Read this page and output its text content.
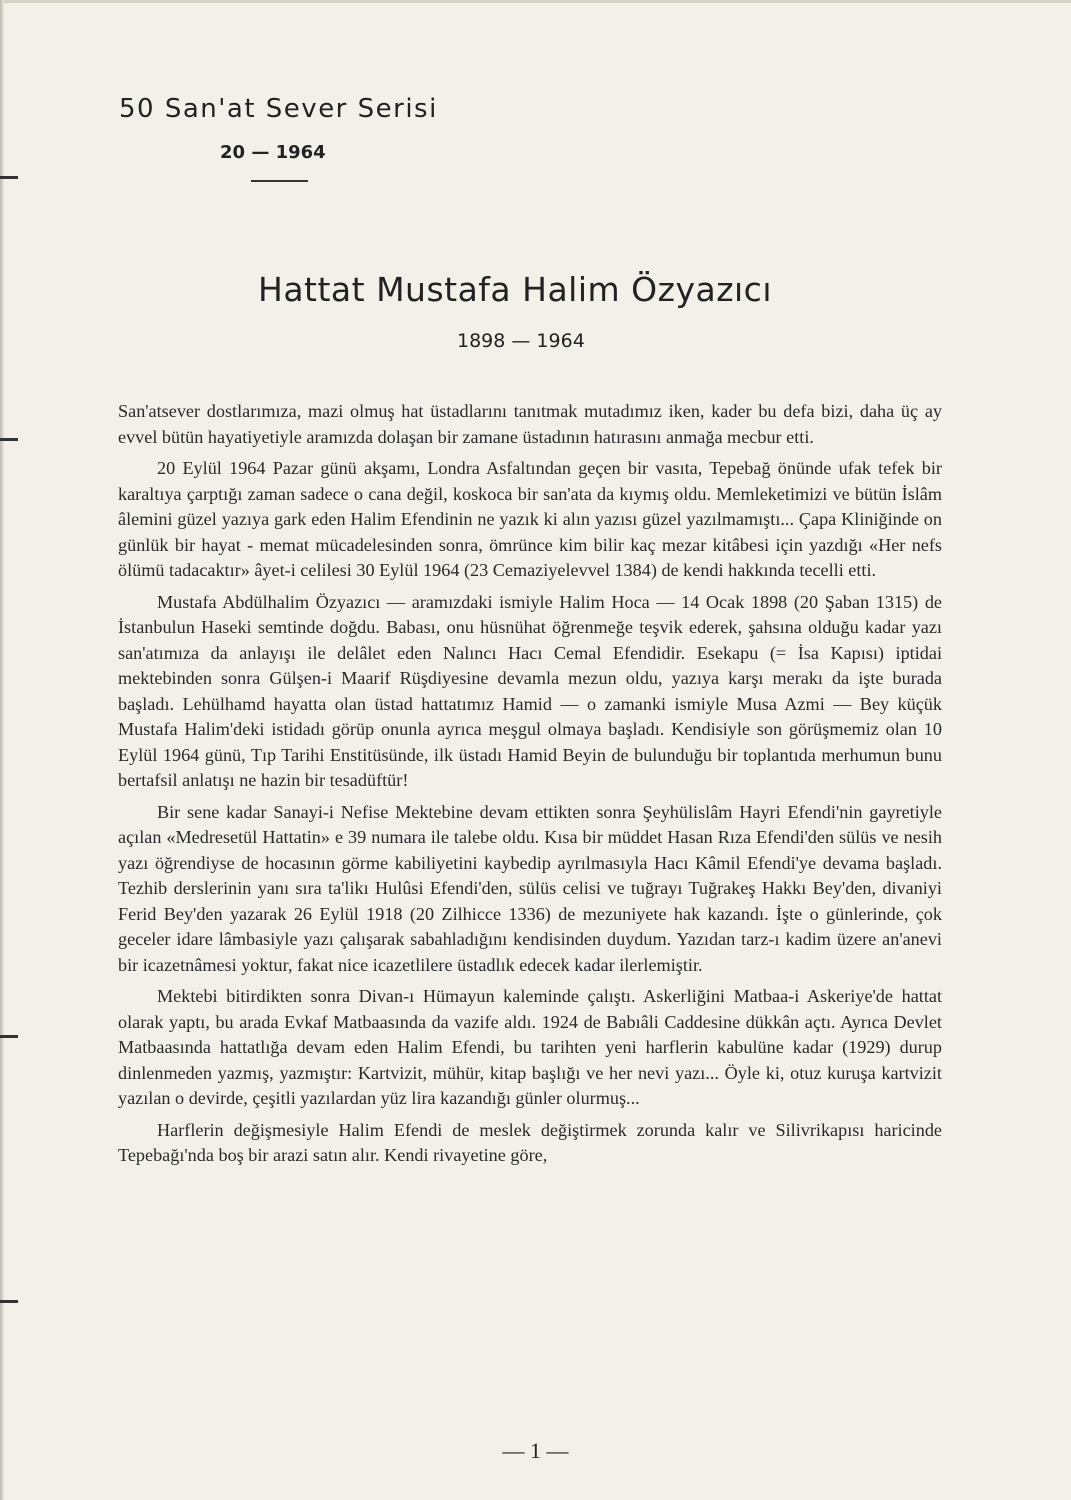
50 San'at Sever Serisi
20 — 1964
Hattat Mustafa Halim Özyazıcı
1898 — 1964

San'atsever dostlarımıza, mazi olmuş hat üstadlarını tanıtmak mutadımız iken, kader bu defa bizi, daha üç ay evvel bütün hayatiyetiyle aramızda dolaşan bir zamane üstadının hatırasını anmağa mecbur etti.

20 Eylül 1964 Pazar günü akşamı, Londra Asfaltından geçen bir vasıta, Tepebağ önünde ufak tefek bir karaltıya çarptığı zaman sadece o cana değil, koskoca bir san'ata da kıymış oldu. Memleketimizi ve bütün İslâm âlemini güzel yazıya gark eden Halim Efendinin ne yazık ki alın yazısı güzel yazılmamıştı... Çapa Kliniğinde on günlük bir hayat - memat mücadelesinden sonra, ömrünce kim bilir kaç mezar kitâbesi için yazdığı «Her nefs ölümü tadacaktır» âyet-i celilesi 30 Eylül 1964 (23 Cemaziyelevvel 1384) de kendi hakkında tecelli etti.

Mustafa Abdülhalim Özyazıcı — aramızdaki ismiyle Halim Hoca — 14 Ocak 1898 (20 Şaban 1315) de İstanbulun Haseki semtinde doğdu. Babası, onu hüsnühat öğrenmeğe teşvik ederek, şahsına olduğu kadar yazı san'atımıza da anlayışı ile delâlet eden Nalıncı Hacı Cemal Efendidir. Esekapu (= İsa Kapısı) iptidai mektebinden sonra Gülşen-i Maarif Rüşdiyesine devamla mezun oldu, yazıya karşı merakı da işte burada başladı. Lehülhamd hayatta olan üstad hattatımız Hamid — o zamanki ismiyle Musa Azmi — Bey küçük Mustafa Halim'deki istidadı görüp onunla ayrıca meşgul olmaya başladı. Kendisiyle son görüşmemiz olan 10 Eylül 1964 günü, Tıp Tarihi Enstitüsünde, ilk üstadı Hamid Beyin de bulunduğu bir toplantıda merhumun bunu bertafsil anlatışı ne hazin bir tesadüftür!

Bir sene kadar Sanayi-i Nefise Mektebine devam ettikten sonra Şeyhülislâm Hayri Efendi'nin gayretiyle açılan «Medresetül Hattatin» e 39 numara ile talebe oldu. Kısa bir müddet Hasan Rıza Efendi'den sülüs ve nesih yazı öğrendiyse de hocasının görme kabiliyetini kaybedip ayrılmasıyla Hacı Kâmil Efendi'ye devama başladı. Tezhib derslerinin yanı sıra ta'likı Hulûsi Efendi'den, sülüs celisi ve tuğrayı Tuğrakeş Hakkı Bey'den, divaniyi Ferid Bey'den yazarak 26 Eylül 1918 (20 Zilhicce 1336) de mezuniyete hak kazandı. İşte o günlerinde, çok geceler idare lâmbasiyle yazı çalışarak sabahladığını kendisinden duydum. Yazıdan tarz-ı kadim üzere an'anevi bir icazetnâmesi yoktur, fakat nice icazetlilere üstadlık edecek kadar ilerlemiştir.

Mektebi bitirdikten sonra Divan-ı Hümayun kaleminde çalıştı. Askerliğini Matbaa-i Askeriye'de hattat olarak yaptı, bu arada Evkaf Matbaasında da vazife aldı. 1924 de Babıâli Caddesine dükkân açtı. Ayrıca Devlet Matbaasında hattatlığa devam eden Halim Efendi, bu tarihten yeni harflerin kabulüne kadar (1929) durup dinlenmeden yazmış, yazmıştır: Kartvizit, mühür, kitap başlığı ve her nevi yazı... Öyle ki, otuz kuruşa kartvizit yazılan o devirde, çeşitli yazılardan yüz lira kazandığı günler olurmuş...

Harflerin değişmesiyle Halim Efendi de meslek değiştirmek zorunda kalır ve Silivrikapısı haricinde Tepebağı'nda boş bir arazi satın alır. Kendi rivayetine göre,

— 1 —
